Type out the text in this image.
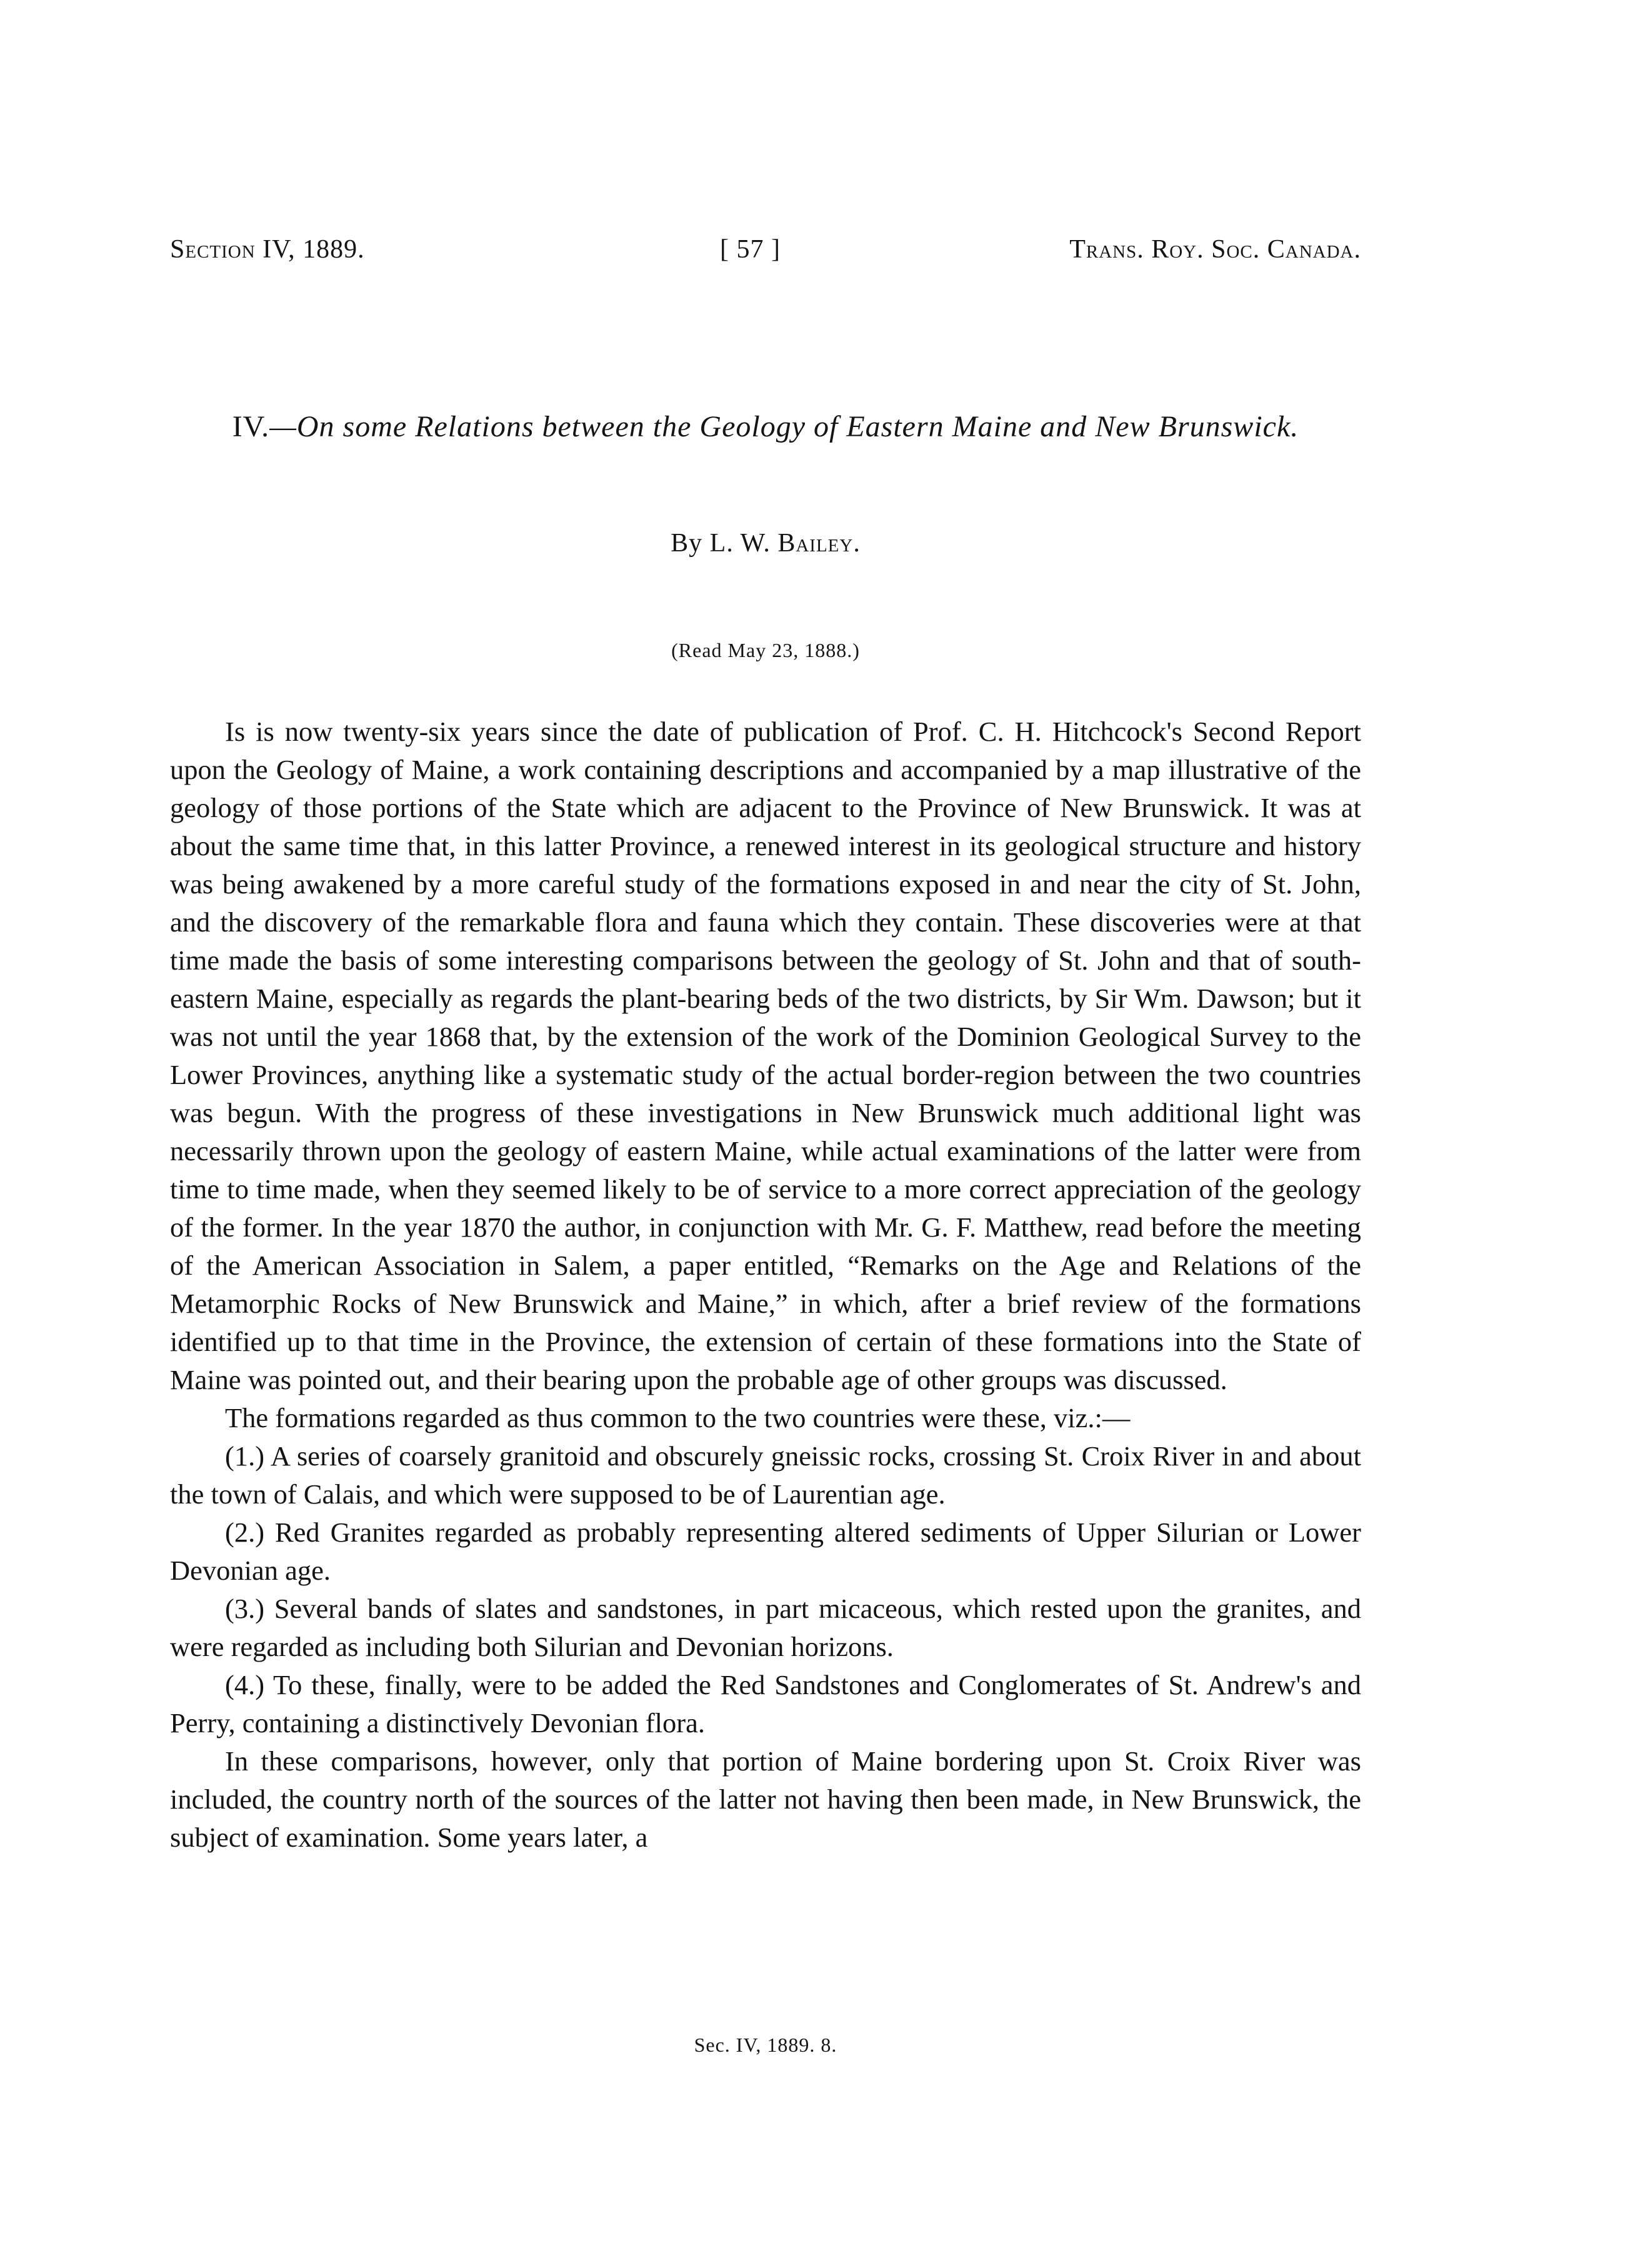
Section IV, 1889.	[ 57 ]	Trans. Roy. Soc. Canada.
IV.—On some Relations between the Geology of Eastern Maine and New Brunswick.
By L. W. Bailey.
(Read May 23, 1888.)

Is is now twenty-six years since the date of publication of Prof. C. H. Hitchcock's Second Report upon the Geology of Maine, a work containing descriptions and accompanied by a map illustrative of the geology of those portions of the State which are adjacent to the Province of New Brunswick. It was at about the same time that, in this latter Province, a renewed interest in its geological structure and history was being awakened by a more careful study of the formations exposed in and near the city of St. John, and the discovery of the remarkable flora and fauna which they contain. These discoveries were at that time made the basis of some interesting comparisons between the geology of St. John and that of south-eastern Maine, especially as regards the plant-bearing beds of the two districts, by Sir Wm. Dawson; but it was not until the year 1868 that, by the extension of the work of the Dominion Geological Survey to the Lower Provinces, anything like a systematic study of the actual border-region between the two countries was begun. With the progress of these investigations in New Brunswick much additional light was necessarily thrown upon the geology of eastern Maine, while actual examinations of the latter were from time to time made, when they seemed likely to be of service to a more correct appreciation of the geology of the former. In the year 1870 the author, in conjunction with Mr. G. F. Matthew, read before the meeting of the American Association in Salem, a paper entitled, “Remarks on the Age and Relations of the Metamorphic Rocks of New Brunswick and Maine,” in which, after a brief review of the formations identified up to that time in the Province, the extension of certain of these formations into the State of Maine was pointed out, and their bearing upon the probable age of other groups was discussed.

The formations regarded as thus common to the two countries were these, viz.:—

(1.) A series of coarsely granitoid and obscurely gneissic rocks, crossing St. Croix River in and about the town of Calais, and which were supposed to be of Laurentian age.

(2.) Red Granites regarded as probably representing altered sediments of Upper Silurian or Lower Devonian age.

(3.) Several bands of slates and sandstones, in part micaceous, which rested upon the granites, and were regarded as including both Silurian and Devonian horizons.

(4.) To these, finally, were to be added the Red Sandstones and Conglomerates of St. Andrew's and Perry, containing a distinctively Devonian flora.

In these comparisons, however, only that portion of Maine bordering upon St. Croix River was included, the country north of the sources of the latter not having then been made, in New Brunswick, the subject of examination. Some years later, a

Sec. IV, 1889. 8.
